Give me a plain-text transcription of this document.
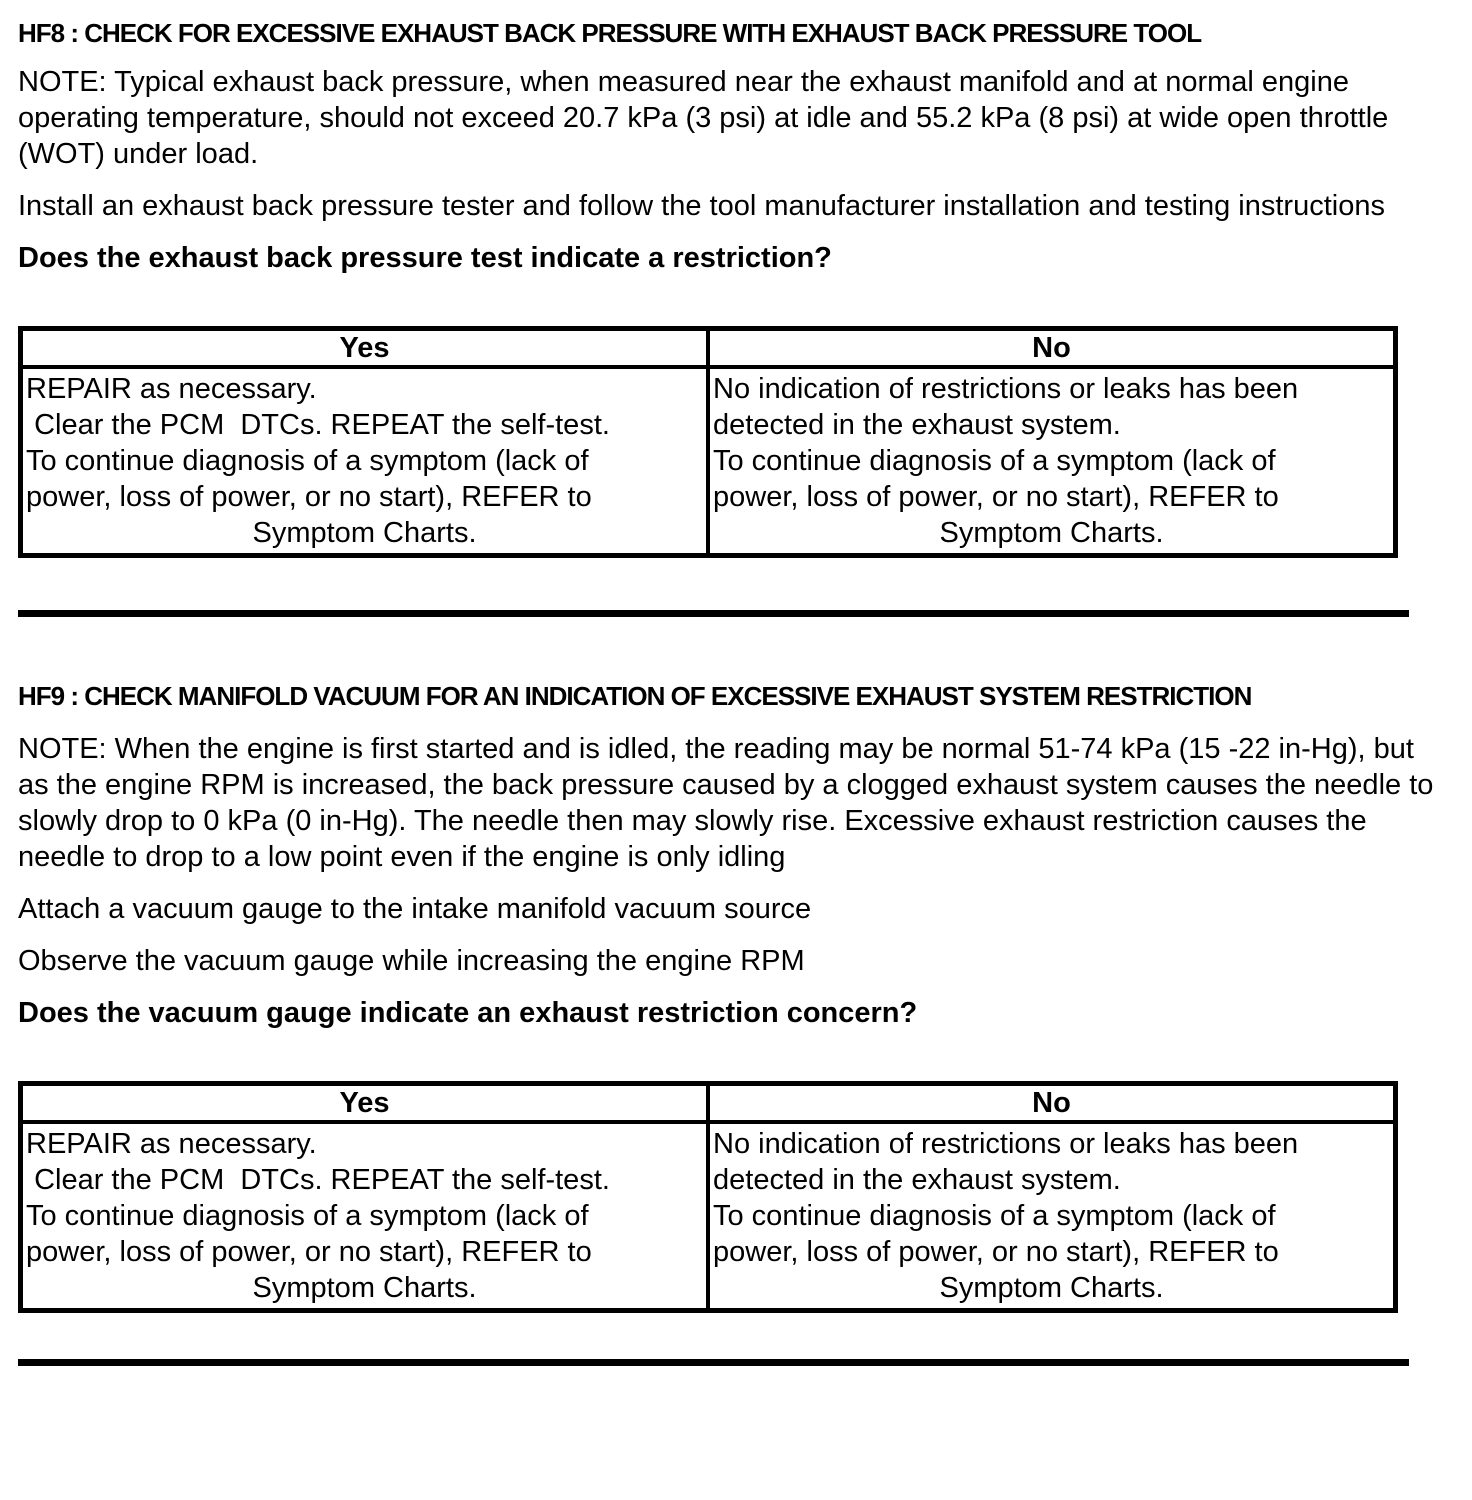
HF8 : CHECK FOR EXCESSIVE EXHAUST BACK PRESSURE WITH EXHAUST BACK PRESSURE TOOL

NOTE: Typical exhaust back pressure, when measured near the exhaust manifold and at normal engine operating temperature, should not exceed 20.7 kPa (3 psi) at idle and 55.2 kPa (8 psi) at wide open throttle (WOT) under load.

Install an exhaust back pressure tester and follow the tool manufacturer installation and testing instructions

Does the exhaust back pressure test indicate a restriction?

Yes	No

REPAIR as necessary.
Clear the PCM  DTCs. REPEAT the self-test.
To continue diagnosis of a symptom (lack of
power, loss of power, or no start), REFER to
Symptom Charts.

No indication of restrictions or leaks has been
detected in the exhaust system.
To continue diagnosis of a symptom (lack of
power, loss of power, or no start), REFER to
Symptom Charts.
HF9 : CHECK MANIFOLD VACUUM FOR AN INDICATION OF EXCESSIVE EXHAUST SYSTEM RESTRICTION

NOTE: When the engine is first started and is idled, the reading may be normal 51-74 kPa (15 -22 in-Hg), but as the engine RPM is increased, the back pressure caused by a clogged exhaust system causes the needle to slowly drop to 0 kPa (0 in-Hg). The needle then may slowly rise. Excessive exhaust restriction causes the needle to drop to a low point even if the engine is only idling

Attach a vacuum gauge to the intake manifold vacuum source

Observe the vacuum gauge while increasing the engine RPM

Does the vacuum gauge indicate an exhaust restriction concern?

Yes	No

REPAIR as necessary.
Clear the PCM  DTCs. REPEAT the self-test.
To continue diagnosis of a symptom (lack of
power, loss of power, or no start), REFER to
Symptom Charts.

No indication of restrictions or leaks has been
detected in the exhaust system.
To continue diagnosis of a symptom (lack of
power, loss of power, or no start), REFER to
Symptom Charts.
